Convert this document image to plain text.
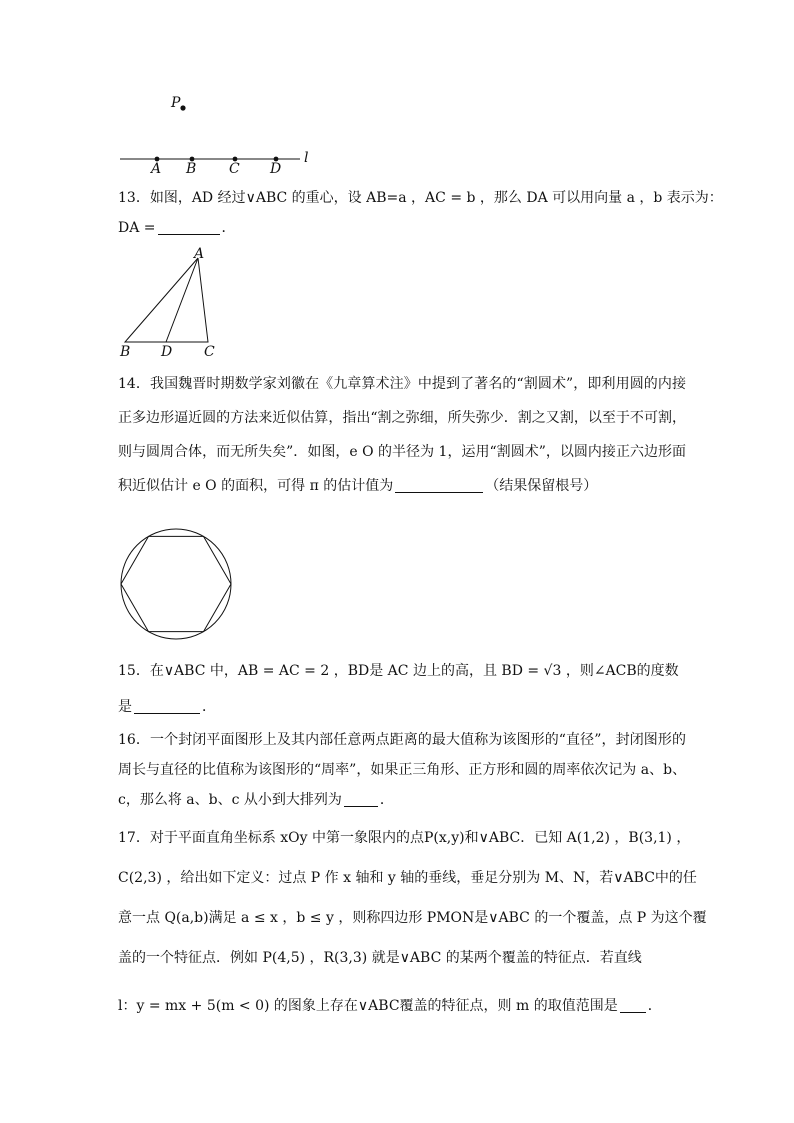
P
A B C D
l
13．如图，AD 经过∨ABC 的重心，设 AB=a ，AC = b ，那么 DA 可以用向量 a ，b 表示为：
DA =	．
A
B D C
14．我国魏晋时期数学家刘徽在《九章算术注》中提到了著名的“割圆术”，即利用圆的内接
正多边形逼近圆的方法来近似估算，指出“割之弥细，所失弥少．割之又割，以至于不可割，
则与圆周合体，而无所失矣”．如图，e O 的半径为 1，运用“割圆术”，以圆内接正六边形面
积近似估计 e O 的面积，可得 π 的估计值为	（结果保留根号）
15．在∨ABC 中，AB = AC = 2 ，BD是 AC 边上的高，且 BD = √3 ，则∠ACB的度数
是	．
16．一个封闭平面图形上及其内部任意两点距离的最大值称为该图形的“直径”，封闭图形的
周长与直径的比值称为该图形的“周率”，如果正三角形、正方形和圆的周率依次记为 a、b、
c，那么将 a、b、c 从小到大排列为	．
17．对于平面直角坐标系 xOy 中第一象限内的点P(x,y)和∨ABC．已知 A(1,2) ，B(3,1) ，
C(2,3) ，给出如下定义：过点 P 作 x 轴和 y 轴的垂线，垂足分别为 M、N，若∨ABC中的任
意一点 Q(a,b)满足 a ≤ x ，b ≤ y ，则称四边形 PMON是∨ABC 的一个覆盖，点 P 为这个覆
盖的一个特征点．例如 P(4,5) ，R(3,3) 就是∨ABC 的某两个覆盖的特征点．若直线
l：y = mx + 5(m < 0) 的图象上存在∨ABC覆盖的特征点，则 m 的取值范围是 ．
